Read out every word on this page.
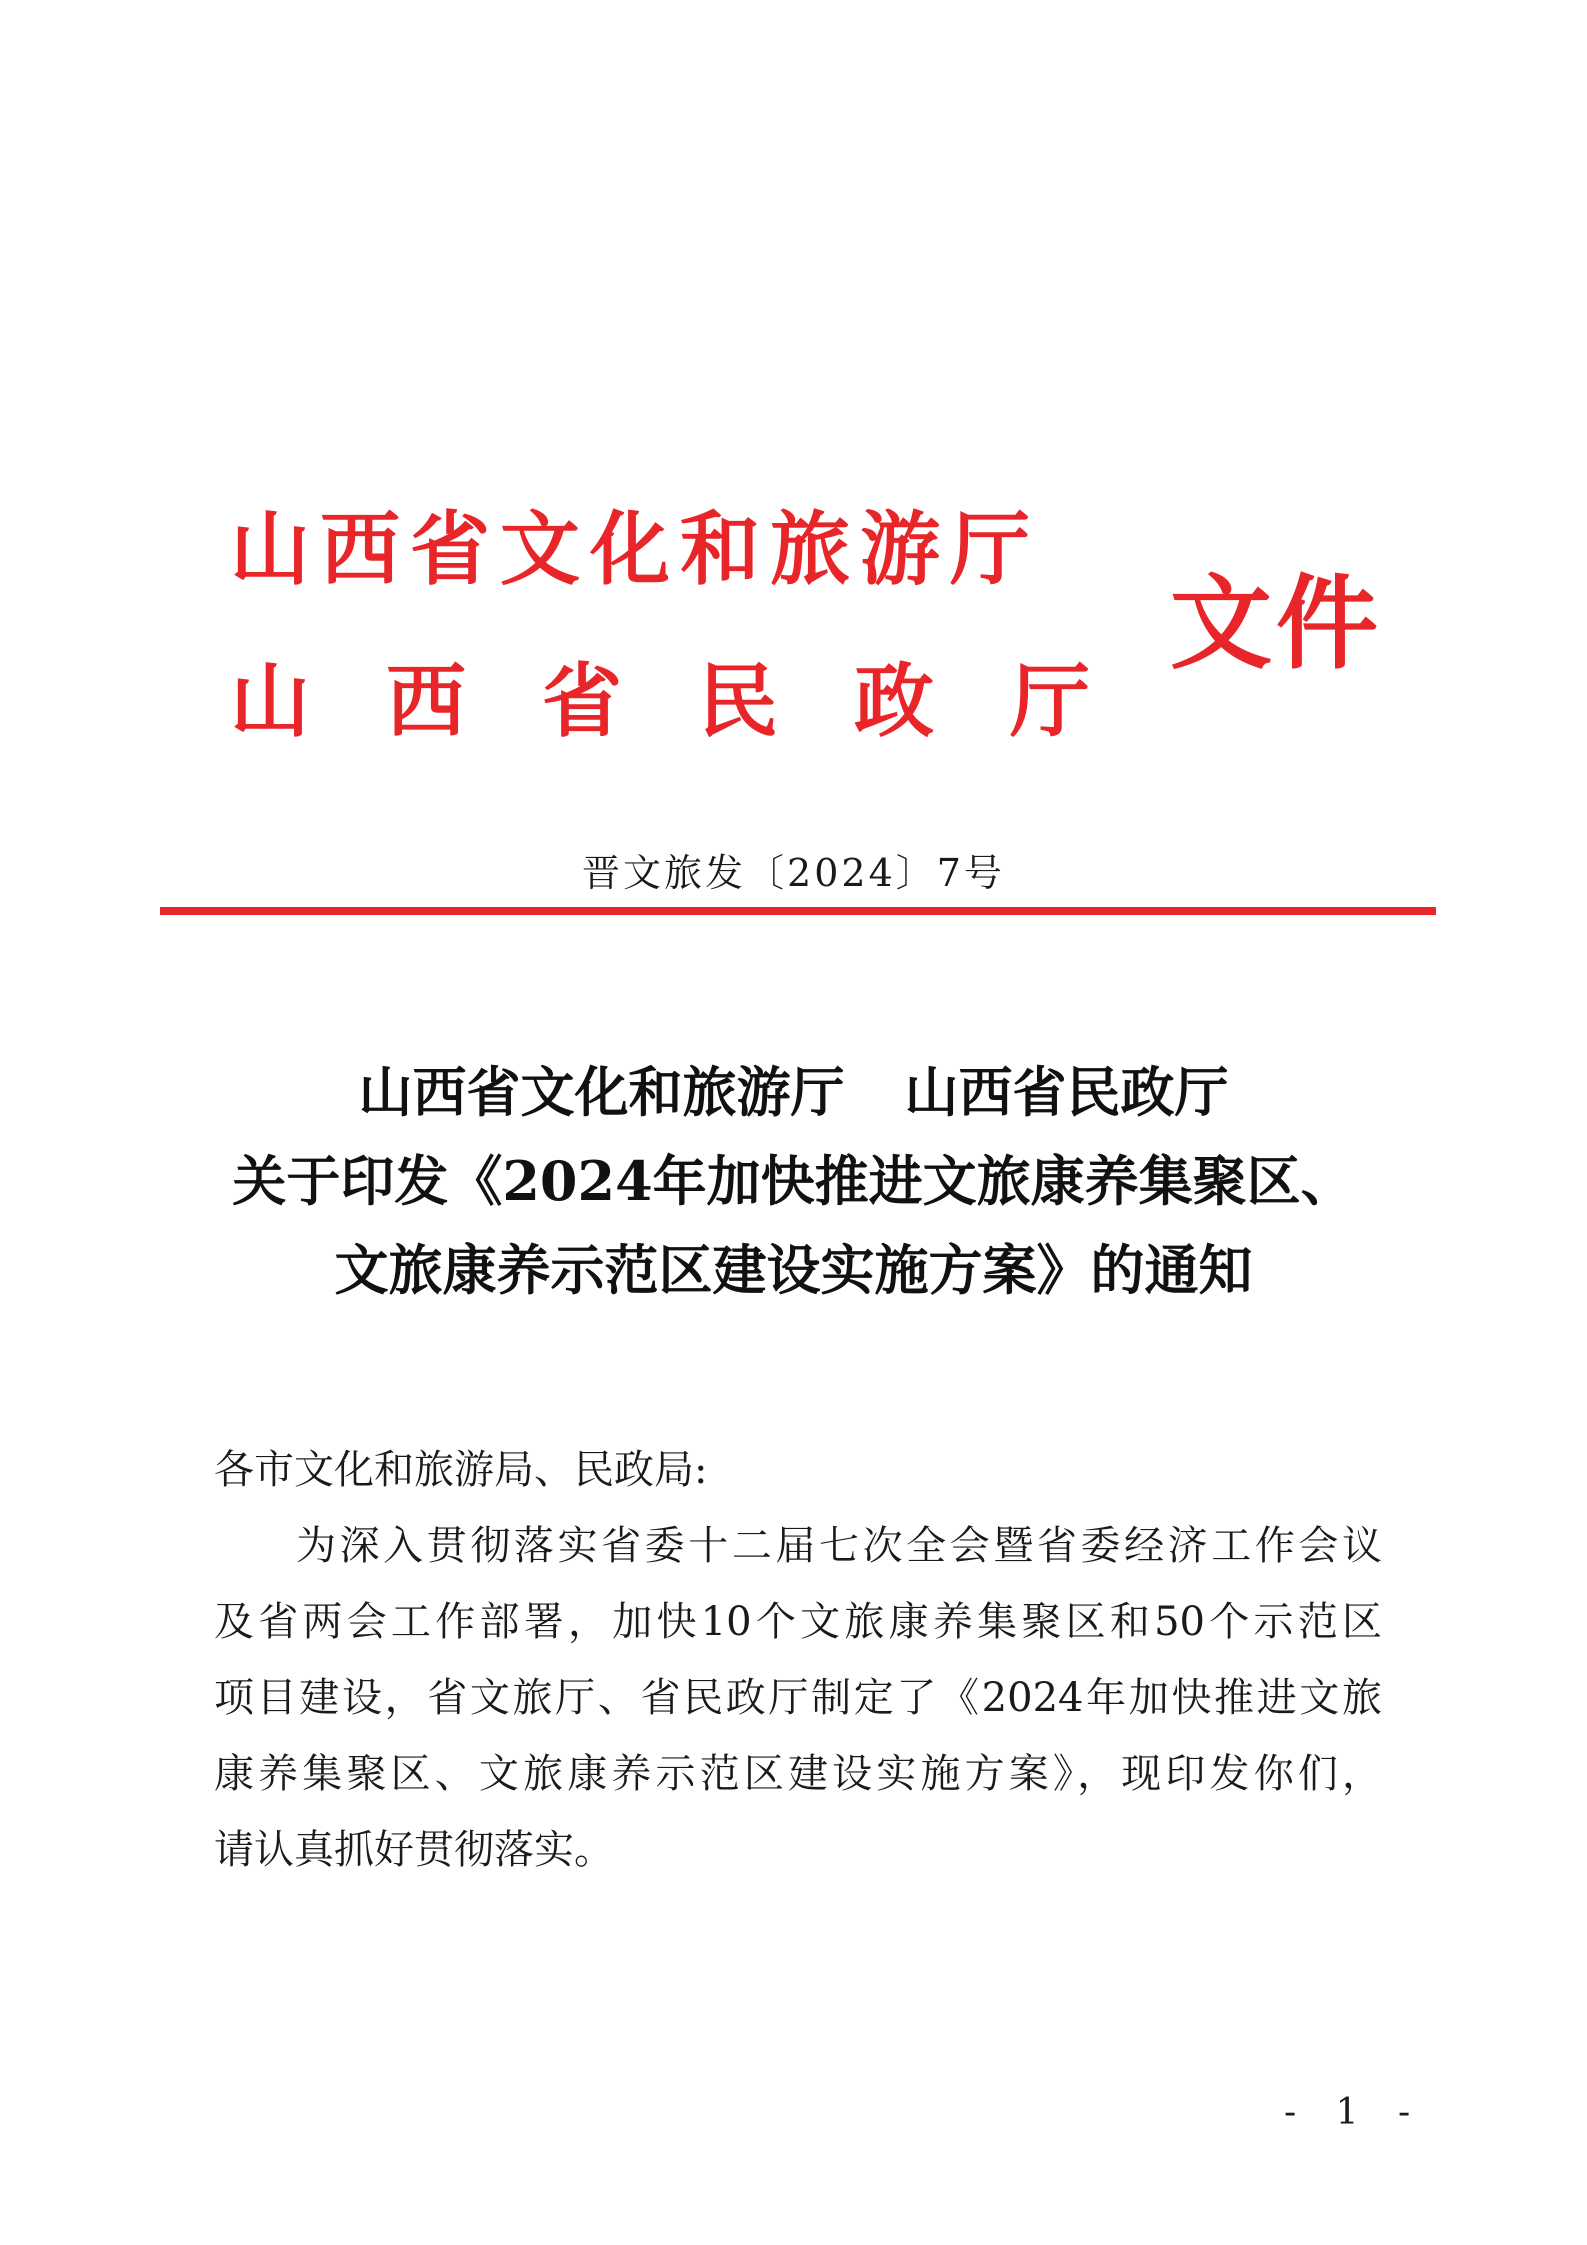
山西省文化和旅游厅
山西省民政厅
文件
晋文旅发〔2024〕7号
山西省文化和旅游厅 山西省民政厅
关于印发《2024年加快推进文旅康养集聚区、
文旅康养示范区建设实施方案》的通知
各市文化和旅游局、民政局:
为深入贯彻落实省委十二届七次全会暨省委经济工作会议
及省两会工作部署，加快10个文旅康养集聚区和50个示范区
项目建设，省文旅厅、省民政厅制定了《2024年加快推进文旅
康养集聚区、文旅康养示范区建设实施方案》，现印发你们，
请认真抓好贯彻落实。
- 1 -
